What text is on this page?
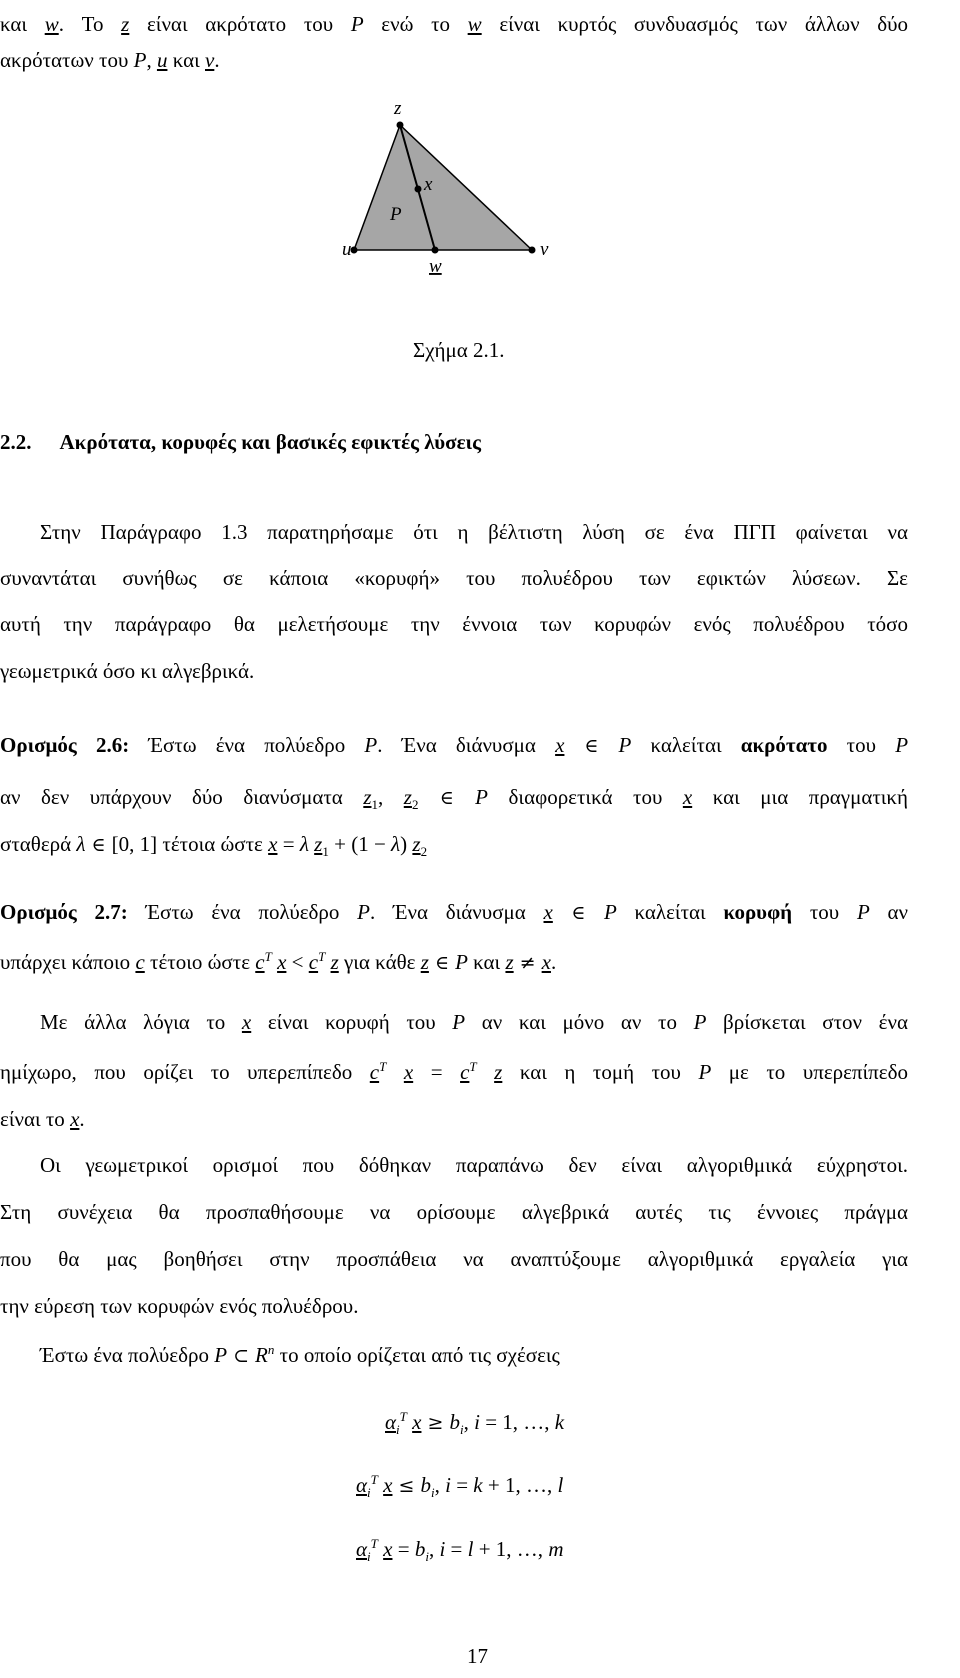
και w. Το z είναι ακρότατο του P ενώ το w είναι κυρτός συνδυασμός των άλλων δύο
ακρότατων του P, u και v.
z
x
P
u	v
w
Σχήμα 2.1.
2.2. Ακρότατα, κορυφές και βασικές εφικτές λύσεις
Στην Παράγραφο 1.3 παρατηρήσαμε ότι η βέλτιστη λύση σε ένα ΠΓΠ φαίνεται να
συναντάται συνήθως σε κάποια «κορυφή» του πολυέδρου των εφικτών λύσεων. Σε
αυτή την παράγραφο θα μελετήσουμε την έννοια των κορυφών ενός πολυέδρου τόσο
γεωμετρικά όσο κι αλγεβρικά.
Ορισμός 2.6: Έστω ένα πολύεδρο P. Ένα διάνυσμα x ∈ P καλείται ακρότατο του P
αν δεν υπάρχουν δύο διανύσματα $z_1$, $z_2$ ∈ P διαφορετικά του x και μια πραγματική
σταθερά λ ∈ [0, 1] τέτοια ώστε x = λ $z_1 + (1 - \lambda)$ $z_2$
Ορισμός 2.7: Έστω ένα πολύεδρο P. Ένα διάνυσμα x ∈ P καλείται κορυφή του P αν
υπάρχει κάποιο c τέτοιο ώστε $c^T$ $x < c^T$ z για κάθε z ∈ P και z ≠ x.
Με άλλα λόγια το x είναι κορυφή του P αν και μόνο αν το P βρίσκεται στον ένα
ημίχωρο, που ορίζει το υπερεπίπεδο $c^T$ $x = c^T$ z και η τομή του P με το υπερεπίπεδο
είναι το x.
Οι γεωμετρικοί ορισμοί που δόθηκαν παραπάνω δεν είναι αλγοριθμικά εύχρηστοι.
Στη συνέχεια θα προσπαθήσουμε να ορίσουμε αλγεβρικά αυτές τις έννοιες πράγμα
που θα μας βοηθήσει στην προσπάθεια να αναπτύξουμε αλγοριθμικά εργαλεία για
την εύρεση των κορυφών ενός πολυέδρου.
Έστω ένα πολύεδρο P ⊂ $R^n$ το οποίο ορίζεται από τις σχέσεις
$\alpha_i^T$ $x \ge b_i$, i = 1, …, k
$\alpha_i^T$ $x \le b_i$, i = k + 1, …, l
$\alpha_i^T$ $x = b_i$, i = l + 1, …, m
17
